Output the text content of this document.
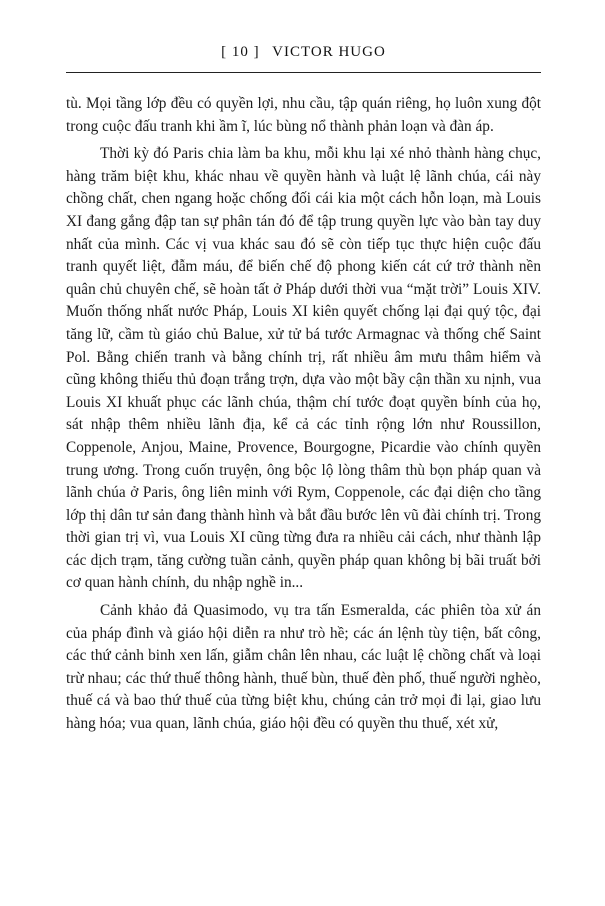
[ 10 ] VICTOR HUGO

tù. Mọi tầng lớp đều có quyền lợi, nhu cầu, tập quán riêng, họ luôn xung đột trong cuộc đấu tranh khi ầm ĩ, lúc bùng nổ thành phản loạn và đàn áp.

Thời kỳ đó Paris chia làm ba khu, mỗi khu lại xé nhỏ thành hàng chục, hàng trăm biệt khu, khác nhau về quyền hành và luật lệ lãnh chúa, cái này chồng chất, chen ngang hoặc chống đối cái kia một cách hỗn loạn, mà Louis XI đang gắng đập tan sự phân tán đó để tập trung quyền lực vào bàn tay duy nhất của mình. Các vị vua khác sau đó sẽ còn tiếp tục thực hiện cuộc đấu tranh quyết liệt, đẫm máu, để biến chế độ phong kiến cát cứ trở thành nền quân chủ chuyên chế, sẽ hoàn tất ở Pháp dưới thời vua “mặt trời” Louis XIV. Muốn thống nhất nước Pháp, Louis XI kiên quyết chống lại đại quý tộc, đại tăng lữ, cầm tù giáo chủ Balue, xử tử bá tước Armagnac và thống chế Saint Pol. Bằng chiến tranh và bằng chính trị, rất nhiều âm mưu thâm hiểm và cũng không thiếu thủ đoạn trắng trợn, dựa vào một bầy cận thần xu nịnh, vua Louis XI khuất phục các lãnh chúa, thậm chí tước đoạt quyền bính của họ, sát nhập thêm nhiều lãnh địa, kể cả các tỉnh rộng lớn như Roussillon, Coppenole, Anjou, Maine, Provence, Bourgogne, Picardie vào chính quyền trung ương. Trong cuốn truyện, ông bộc lộ lòng thâm thù bọn pháp quan và lãnh chúa ở Paris, ông liên minh với Rym, Coppenole, các đại diện cho tầng lớp thị dân tư sản đang thành hình và bắt đầu bước lên vũ đài chính trị. Trong thời gian trị vì, vua Louis XI cũng từng đưa ra nhiều cải cách, như thành lập các dịch trạm, tăng cường tuần cảnh, quyền pháp quan không bị bãi truất bởi cơ quan hành chính, du nhập nghề in...

Cảnh khảo đả Quasimodo, vụ tra tấn Esmeralda, các phiên tòa xử án của pháp đình và giáo hội diễn ra như trò hề; các án lệnh tùy tiện, bất công, các thứ cảnh binh xen lấn, giẫm chân lên nhau, các luật lệ chồng chất và loại trừ nhau; các thứ thuế thông hành, thuế bùn, thuế đèn phố, thuế người nghèo, thuế cá và bao thứ thuế của từng biệt khu, chúng cản trở mọi đi lại, giao lưu hàng hóa; vua quan, lãnh chúa, giáo hội đều có quyền thu thuế, xét xử,
